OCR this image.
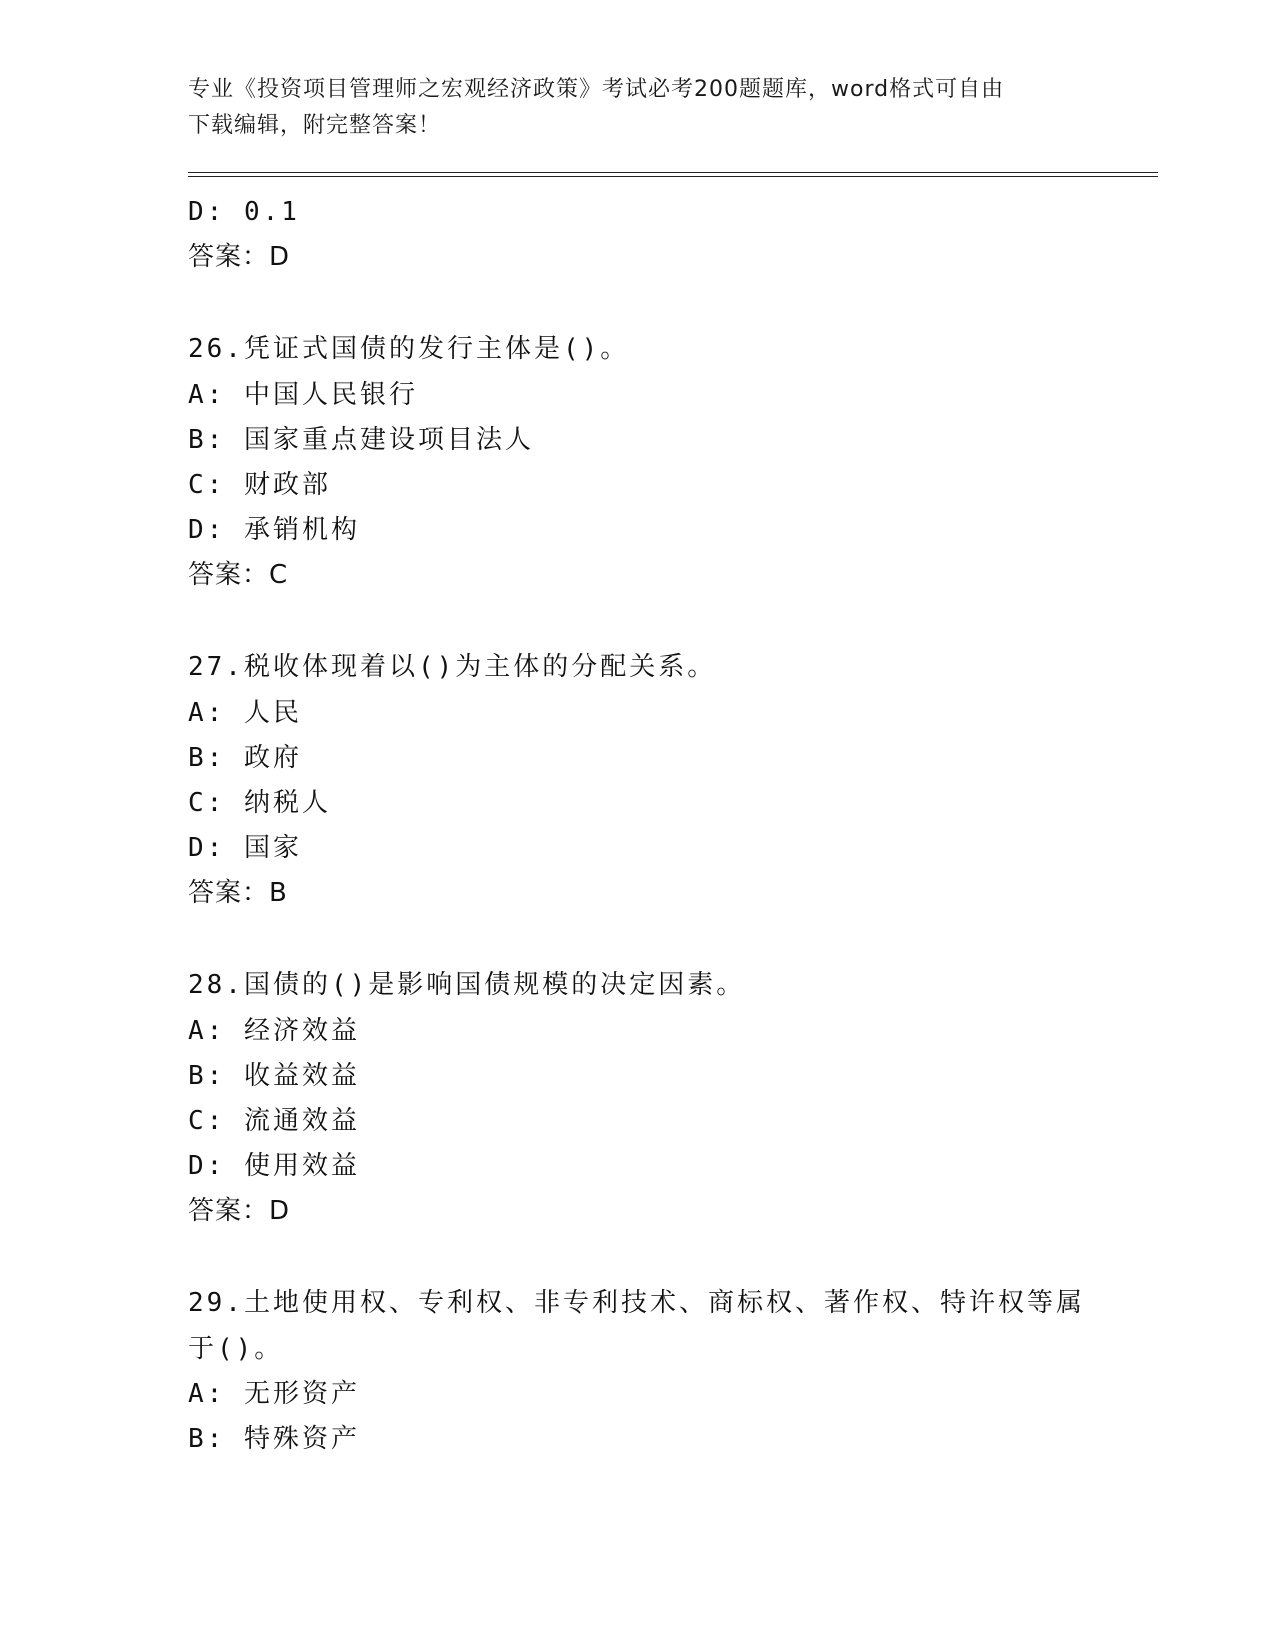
专业《投资项目管理师之宏观经济政策》考试必考200题题库，word格式可自由
下载编辑，附完整答案！
D: 0.1
答案：D
26.凭证式国债的发行主体是()。
A: 中国人民银行
B: 国家重点建设项目法人
C: 财政部
D: 承销机构
答案：C
27.税收体现着以()为主体的分配关系。
A: 人民
B: 政府
C: 纳税人
D: 国家
答案：B
28.国债的()是影响国债规模的决定因素。
A: 经济效益
B: 收益效益
C: 流通效益
D: 使用效益
答案：D
29.土地使用权、专利权、非专利技术、商标权、著作权、特许权等属
于()。
A: 无形资产
B: 特殊资产
